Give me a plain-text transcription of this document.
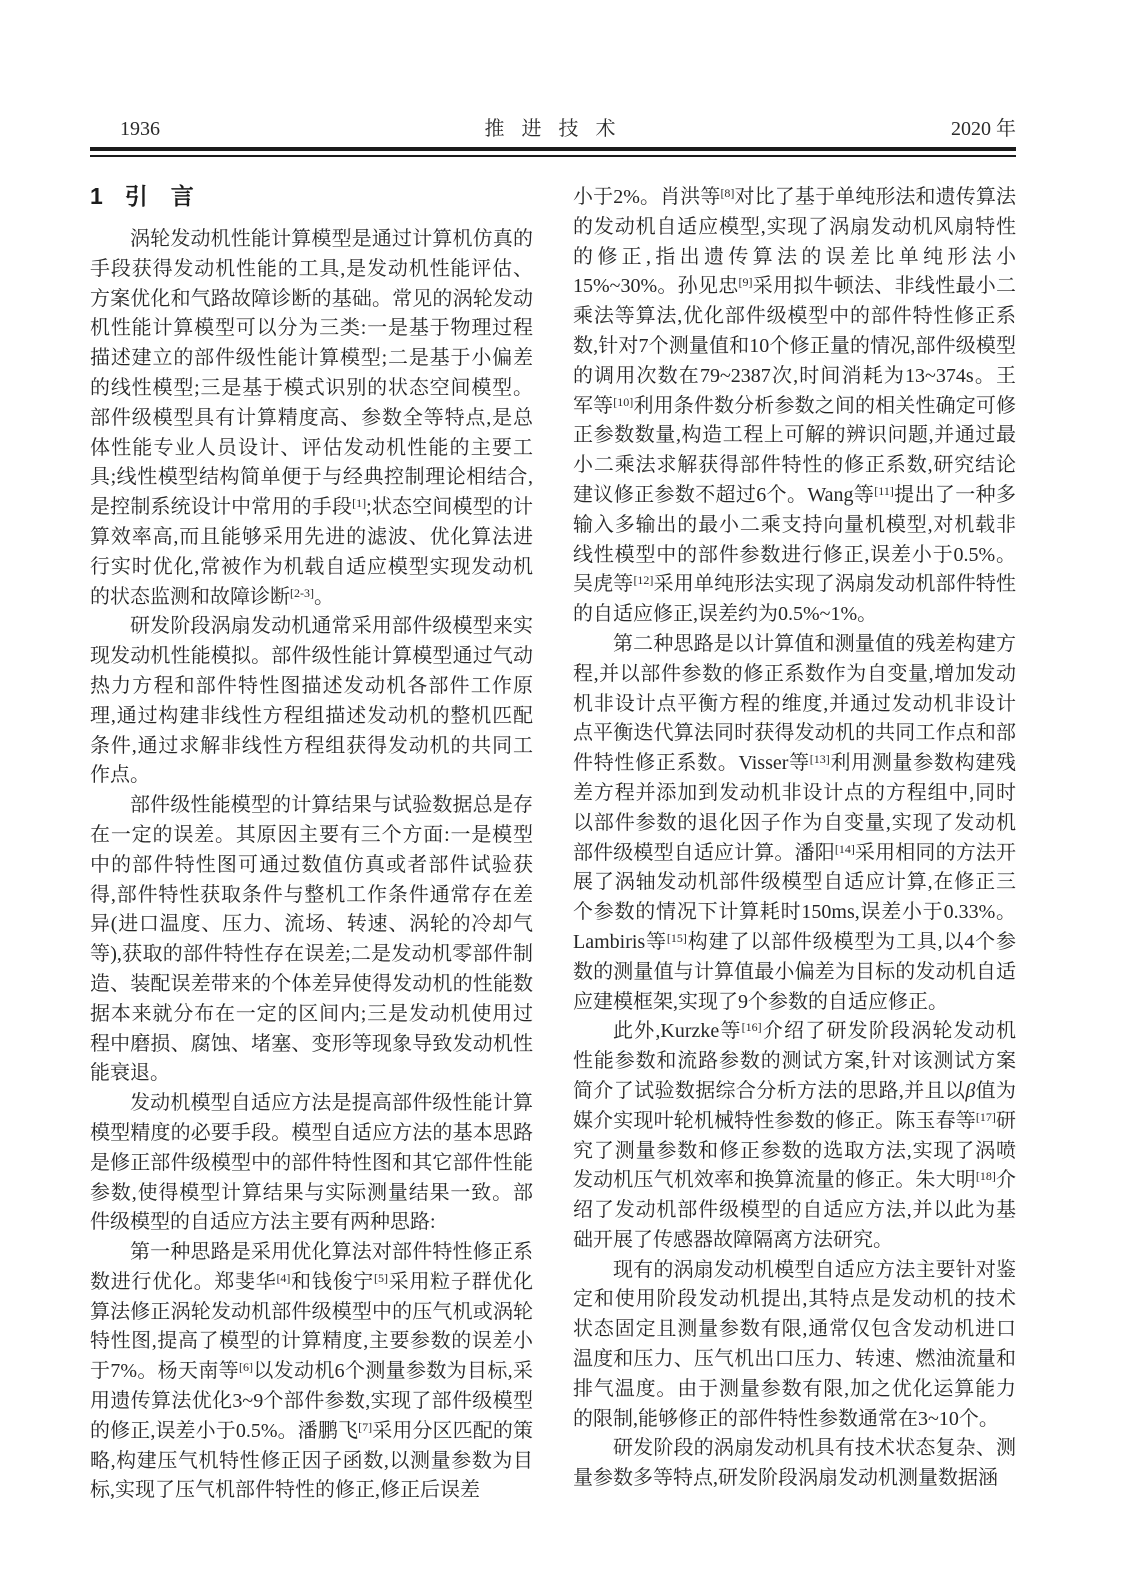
1936	推 进 技 术	2020 年
1 引　言

涡轮发动机性能计算模型是通过计算机仿真的手段获得发动机性能的工具,是发动机性能评估、方案优化和气路故障诊断的基础。常见的涡轮发动机性能计算模型可以分为三类:一是基于物理过程描述建立的部件级性能计算模型;二是基于小偏差的线性模型;三是基于模式识别的状态空间模型。部件级模型具有计算精度高、参数全等特点,是总体性能专业人员设计、评估发动机性能的主要工具;线性模型结构简单便于与经典控制理论相结合,是控制系统设计中常用的手段[1];状态空间模型的计算效率高,而且能够采用先进的滤波、优化算法进行实时优化,常被作为机载自适应模型实现发动机的状态监测和故障诊断[2-3]。

研发阶段涡扇发动机通常采用部件级模型来实现发动机性能模拟。部件级性能计算模型通过气动热力方程和部件特性图描述发动机各部件工作原理,通过构建非线性方程组描述发动机的整机匹配条件,通过求解非线性方程组获得发动机的共同工作点。

部件级性能模型的计算结果与试验数据总是存在一定的误差。其原因主要有三个方面:一是模型中的部件特性图可通过数值仿真或者部件试验获得,部件特性获取条件与整机工作条件通常存在差异(进口温度、压力、流场、转速、涡轮的冷却气等),获取的部件特性存在误差;二是发动机零部件制造、装配误差带来的个体差异使得发动机的性能数据本来就分布在一定的区间内;三是发动机使用过程中磨损、腐蚀、堵塞、变形等现象导致发动机性能衰退。

发动机模型自适应方法是提高部件级性能计算模型精度的必要手段。模型自适应方法的基本思路是修正部件级模型中的部件特性图和其它部件性能参数,使得模型计算结果与实际测量结果一致。部件级模型的自适应方法主要有两种思路:

第一种思路是采用优化算法对部件特性修正系数进行优化。郑斐华[4]和钱俊宁[5]采用粒子群优化算法修正涡轮发动机部件级模型中的压气机或涡轮特性图,提高了模型的计算精度,主要参数的误差小于7%。杨天南等[6]以发动机6个测量参数为目标,采用遗传算法优化3~9个部件参数,实现了部件级模型的修正,误差小于0.5%。潘鹏飞[7]采用分区匹配的策略,构建压气机特性修正因子函数,以测量参数为目标,实现了压气机部件特性的修正,修正后误差

小于2%。肖洪等[8]对比了基于单纯形法和遗传算法的发动机自适应模型,实现了涡扇发动机风扇特性的修正,指出遗传算法的误差比单纯形法小15%~30%。孙见忠[9]采用拟牛顿法、非线性最小二乘法等算法,优化部件级模型中的部件特性修正系数,针对7个测量值和10个修正量的情况,部件级模型的调用次数在79~2387次,时间消耗为13~374s。王军等[10]利用条件数分析参数之间的相关性确定可修正参数数量,构造工程上可解的辨识问题,并通过最小二乘法求解获得部件特性的修正系数,研究结论建议修正参数不超过6个。Wang等[11]提出了一种多输入多输出的最小二乘支持向量机模型,对机载非线性模型中的部件参数进行修正,误差小于0.5%。吴虎等[12]采用单纯形法实现了涡扇发动机部件特性的自适应修正,误差约为0.5%~1%。

第二种思路是以计算值和测量值的残差构建方程,并以部件参数的修正系数作为自变量,增加发动机非设计点平衡方程的维度,并通过发动机非设计点平衡迭代算法同时获得发动机的共同工作点和部件特性修正系数。Visser等[13]利用测量参数构建残差方程并添加到发动机非设计点的方程组中,同时以部件参数的退化因子作为自变量,实现了发动机部件级模型自适应计算。潘阳[14]采用相同的方法开展了涡轴发动机部件级模型自适应计算,在修正三个参数的情况下计算耗时150ms,误差小于0.33%。Lambiris等[15]构建了以部件级模型为工具,以4个参数的测量值与计算值最小偏差为目标的发动机自适应建模框架,实现了9个参数的自适应修正。

此外,Kurzke等[16]介绍了研发阶段涡轮发动机性能参数和流路参数的测试方案,针对该测试方案简介了试验数据综合分析方法的思路,并且以β值为媒介实现叶轮机械特性参数的修正。陈玉春等[17]研究了测量参数和修正参数的选取方法,实现了涡喷发动机压气机效率和换算流量的修正。朱大明[18]介绍了发动机部件级模型的自适应方法,并以此为基础开展了传感器故障隔离方法研究。

现有的涡扇发动机模型自适应方法主要针对鉴定和使用阶段发动机提出,其特点是发动机的技术状态固定且测量参数有限,通常仅包含发动机进口温度和压力、压气机出口压力、转速、燃油流量和排气温度。由于测量参数有限,加之优化运算能力的限制,能够修正的部件特性参数通常在3~10个。

研发阶段的涡扇发动机具有技术状态复杂、测量参数多等特点,研发阶段涡扇发动机测量数据涵
